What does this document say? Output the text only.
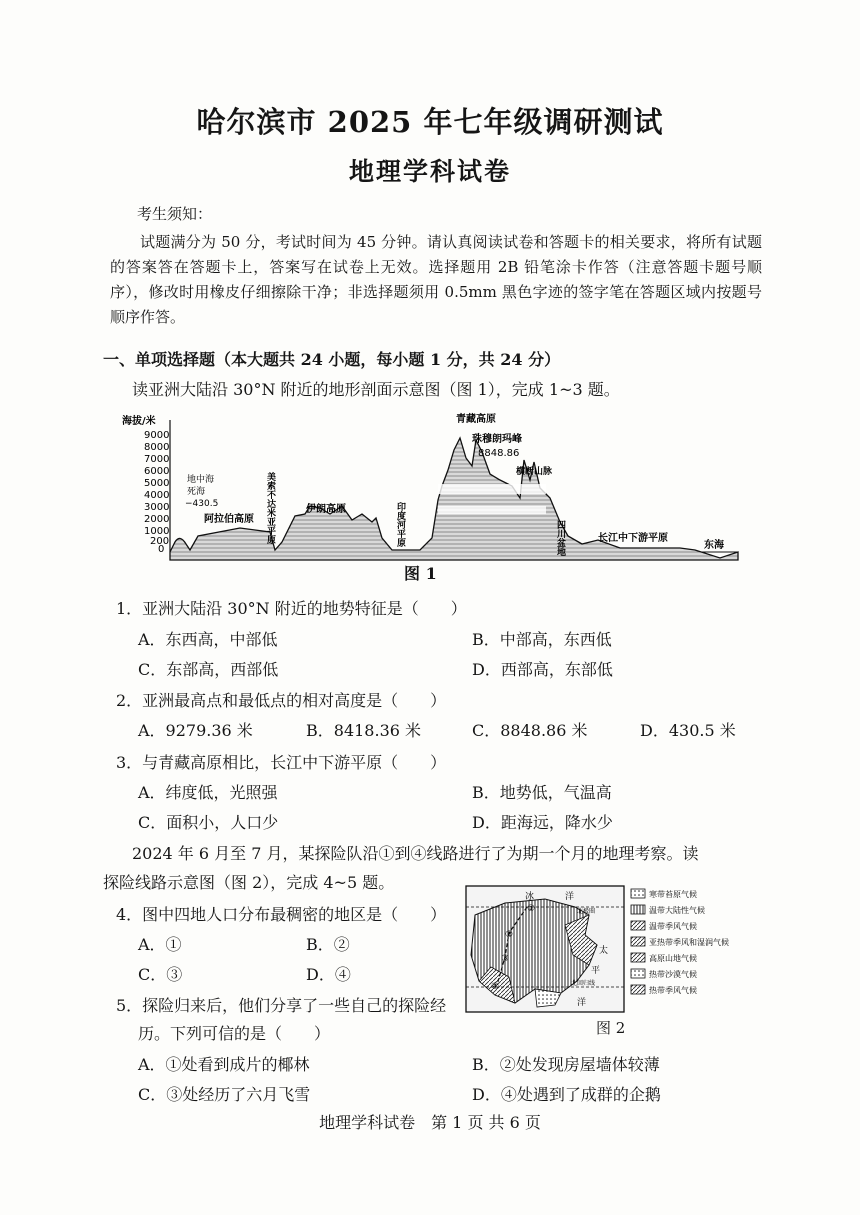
哈尔滨市 2025 年七年级调研测试
地理学科试卷
考生须知：
试题满分为 50 分，考试时间为 45 分钟。请认真阅读试卷和答题卡的相关要求，将所有试题的答案答在答题卡上，答案写在试卷上无效。选择题用 2B 铅笔涂卡作答（注意答题卡题号顺序），修改时用橡皮仔细擦除干净；非选择题须用 0.5mm 黑色字迹的签字笔在答题区域内按题号顺序作答。
一、单项选择题（本大题共 24 小题，每小题 1 分，共 24 分）
读亚洲大陆沿 30°N 附近的地形剖面示意图（图 1），完成 1~3 题。
海拔/米
9000
8000
7000
6000
5000
4000
3000
2000
1000
200
0
地中海
死海
−430.5
阿拉伯高原 美索不达米亚平原	伊朗高原	印度河平原
青藏高原
珠穆朗玛峰
8848.86
横断山脉
四川盆地	长江中下游平原
东海
图 1
1．亚洲大陆沿 30°N 附近的地势特征是（　　）
A．东西高，中部低	B．中部高，东西低
C．东部高，西部低	D．西部高，东部低
2．亚洲最高点和最低点的相对高度是（　　）
A．9279.36 米	B．8418.36 米	C．8848.86 米	D．430.5 米
3．与青藏高原相比，长江中下游平原（　　）
A．纬度低，光照强	B．地势低，气温高
C．面积小，人口少	D．距海远，降水少
2024 年 6 月至 7 月，某探险队沿①到④线路进行了为期一个月的地理考察。读
探险线路示意图（图 2），完成 4~5 题。
4．图中四地人口分布最稠密的地区是（　　）
A．①	B．②
C．③	D．④
5．探险归来后，他们分享了一些自己的探险经
历。下列可信的是（　　）
A．①处看到成片的椰林	B．②处发现房屋墙体较薄
C．③处经历了六月飞雪	D．④处遇到了成群的企鹅
冰	洋
北极圈
太
平
洋
北回归线
①
②
③
④
寒带苔原气候
温带大陆性气候
温带季风气候
亚热带季风和湿润气候
高原山地气候
热带沙漠气候
热带季风气候
图 2
地理学科试卷　第 1 页 共 6 页
